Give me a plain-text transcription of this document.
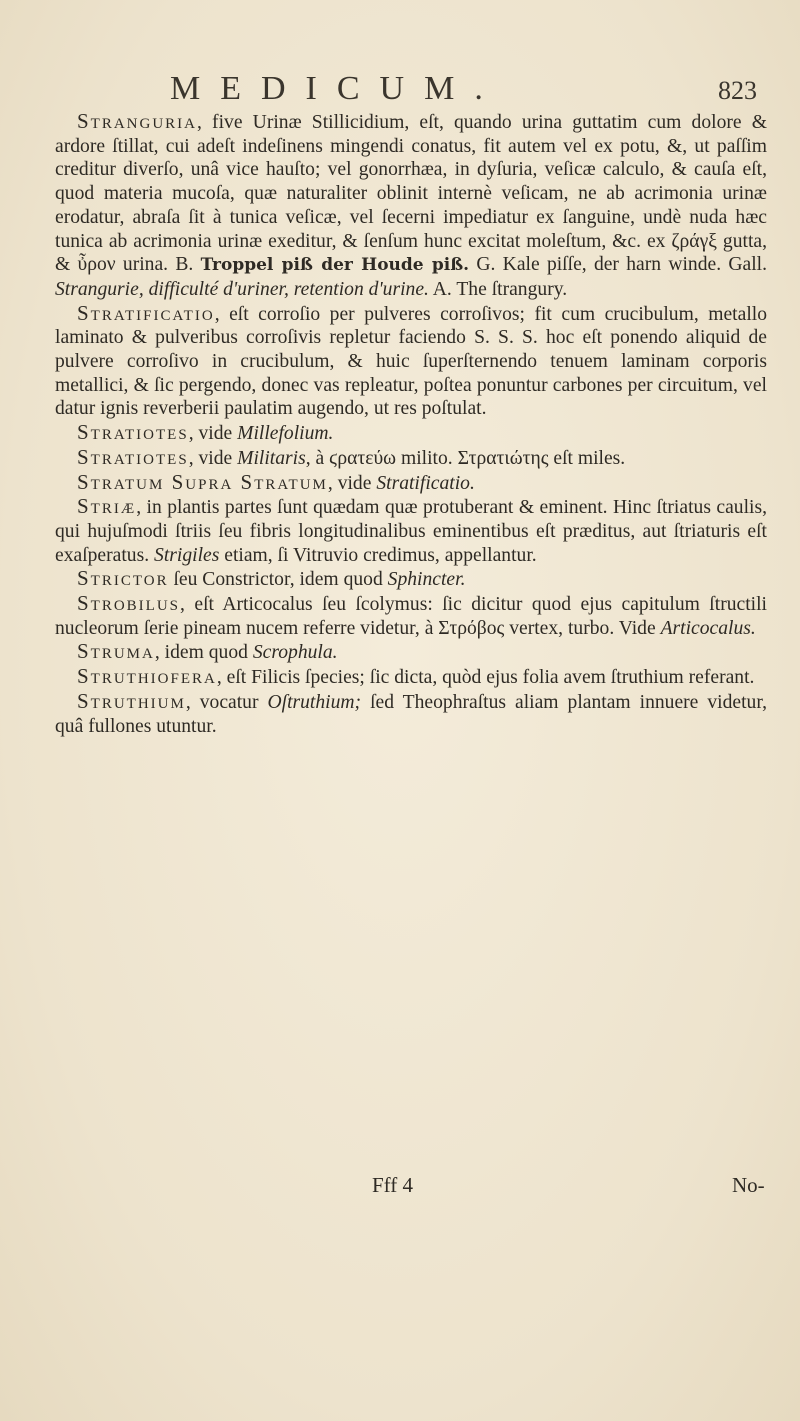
MEDICUM.	823

Stranguria, five Urinæ Stillicidium, eſt, quando urina guttatim cum dolore & ardore ſtillat, cui adeſt indeſinens mingendi conatus, fit autem vel ex potu, &, ut paſſim creditur diverſo, unâ vice hauſto; vel gonorrhæa, in dyſuria, veſicæ calculo, & cauſa eſt, quod materia mucoſa, quæ naturaliter oblinit internè veſicam, ne ab acrimonia urinæ erodatur, abraſa ſit à tunica veſicæ, vel ſecerni impediatur ex ſanguine, undè nuda hæc tunica ab acrimonia urinæ exeditur, & ſenſum hunc excitat moleſtum, &c. ex ζράγξ gutta, & ὖρον urina. B. Troppel piß der Houde piß. G. Kale piſſe, der harn winde. Gall. Strangurie, difficulté d'uriner, retention d'urine. A. The ſtrangury.

Stratificatio, eſt corroſio per pulveres corroſivos; fit cum crucibulum, metallo laminato & pulveribus corroſivis repletur faciendo S. S. S. hoc eſt ponendo aliquid de pulvere corroſivo in crucibulum, & huic ſuperſternendo tenuem laminam corporis metallici, & ſic pergendo, donec vas repleatur, poſtea ponuntur carbones per circuitum, vel datur ignis reverberii paulatim augendo, ut res poſtulat.

Stratiotes, vide Millefolium.

Stratiotes, vide Militaris, à ϛρατεύω milito. Στρατιώτης eſt miles.

Stratum Supra Stratum, vide Stratificatio.

Striæ, in plantis partes ſunt quædam quæ protuberant & eminent. Hinc ſtriatus caulis, qui hujuſmodi ſtriis ſeu fibris longitudinalibus eminentibus eſt præditus, aut ſtriaturis eſt exaſperatus. Strigiles etiam, ſi Vitruvio credimus, appellantur.

Strictor ſeu Constrictor, idem quod Sphincter.

Strobilus, eſt Articocalus ſeu ſcolymus: ſic dicitur quod ejus capitulum ſtructili nucleorum ſerie pineam nucem referre videtur, à Στρόβος vertex, turbo. Vide Articocalus.

Struma, idem quod Scrophula.

Struthiofera, eſt Filicis ſpecies; ſic dicta, quòd ejus folia avem ſtruthium referant.

Struthium, vocatur Oſtruthium; ſed Theophraſtus aliam plantam innuere videtur, quâ fullones utuntur.

Fff 4	No-
